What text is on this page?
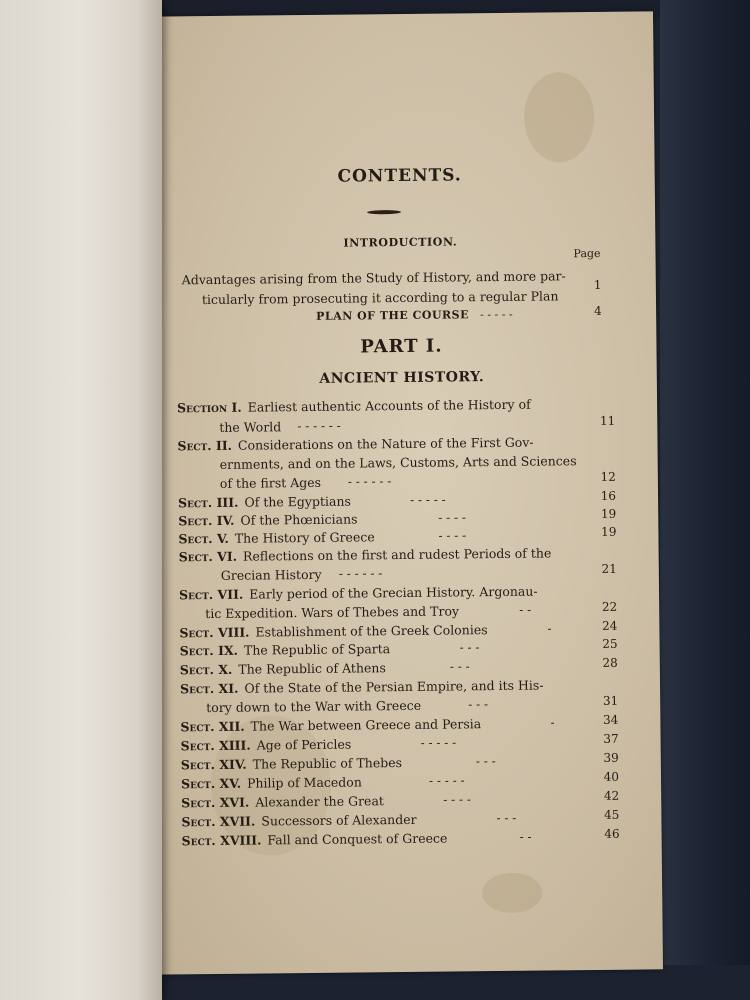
CONTENTS.
INTRODUCTION.
Page
Advantages arising from the Study of History, and more par-
ticularly from prosecuting it according to a regular Plan
1
PLAN OF THE COURSE - - - - -	4
PART I.
ANCIENT HISTORY.
Section I. Earliest authentic Accounts of the History of
the World - - - - - -	11
Sect. II. Considerations on the Nature of the First Gov-
ernments, and on the Laws, Customs, Arts and Sciences
of the first Ages - - - - - -	12
Sect. III. Of the Egyptians	- - - - -	16
Sect. IV. Of the Phœnicians	- - - -	19
Sect. V. The History of Greece	- - - -	19
Sect. VI. Reflections on the first and rudest Periods of the
Grecian History - - - - - -	21
Sect. VII. Early period of the Grecian History. Argonau-
tic Expedition. Wars of Thebes and Troy	- -	22
Sect. VIII. Establishment of the Greek Colonies	-	24
Sect. IX. The Republic of Sparta	- - -	25
Sect. X. The Republic of Athens	- - -	28
Sect. XI. Of the State of the Persian Empire, and its His-
tory down to the War with Greece	- - -	31
Sect. XII. The War between Greece and Persia	-	34
Sect. XIII. Age of Pericles	- - - - -	37
Sect. XIV. The Republic of Thebes	- - -	39
Sect. XV. Philip of Macedon	- - - - -	40
Sect. XVI. Alexander the Great	- - - -	42
Sect. XVII. Successors of Alexander	- - -	45
Sect. XVIII. Fall and Conquest of Greece	- -	46
